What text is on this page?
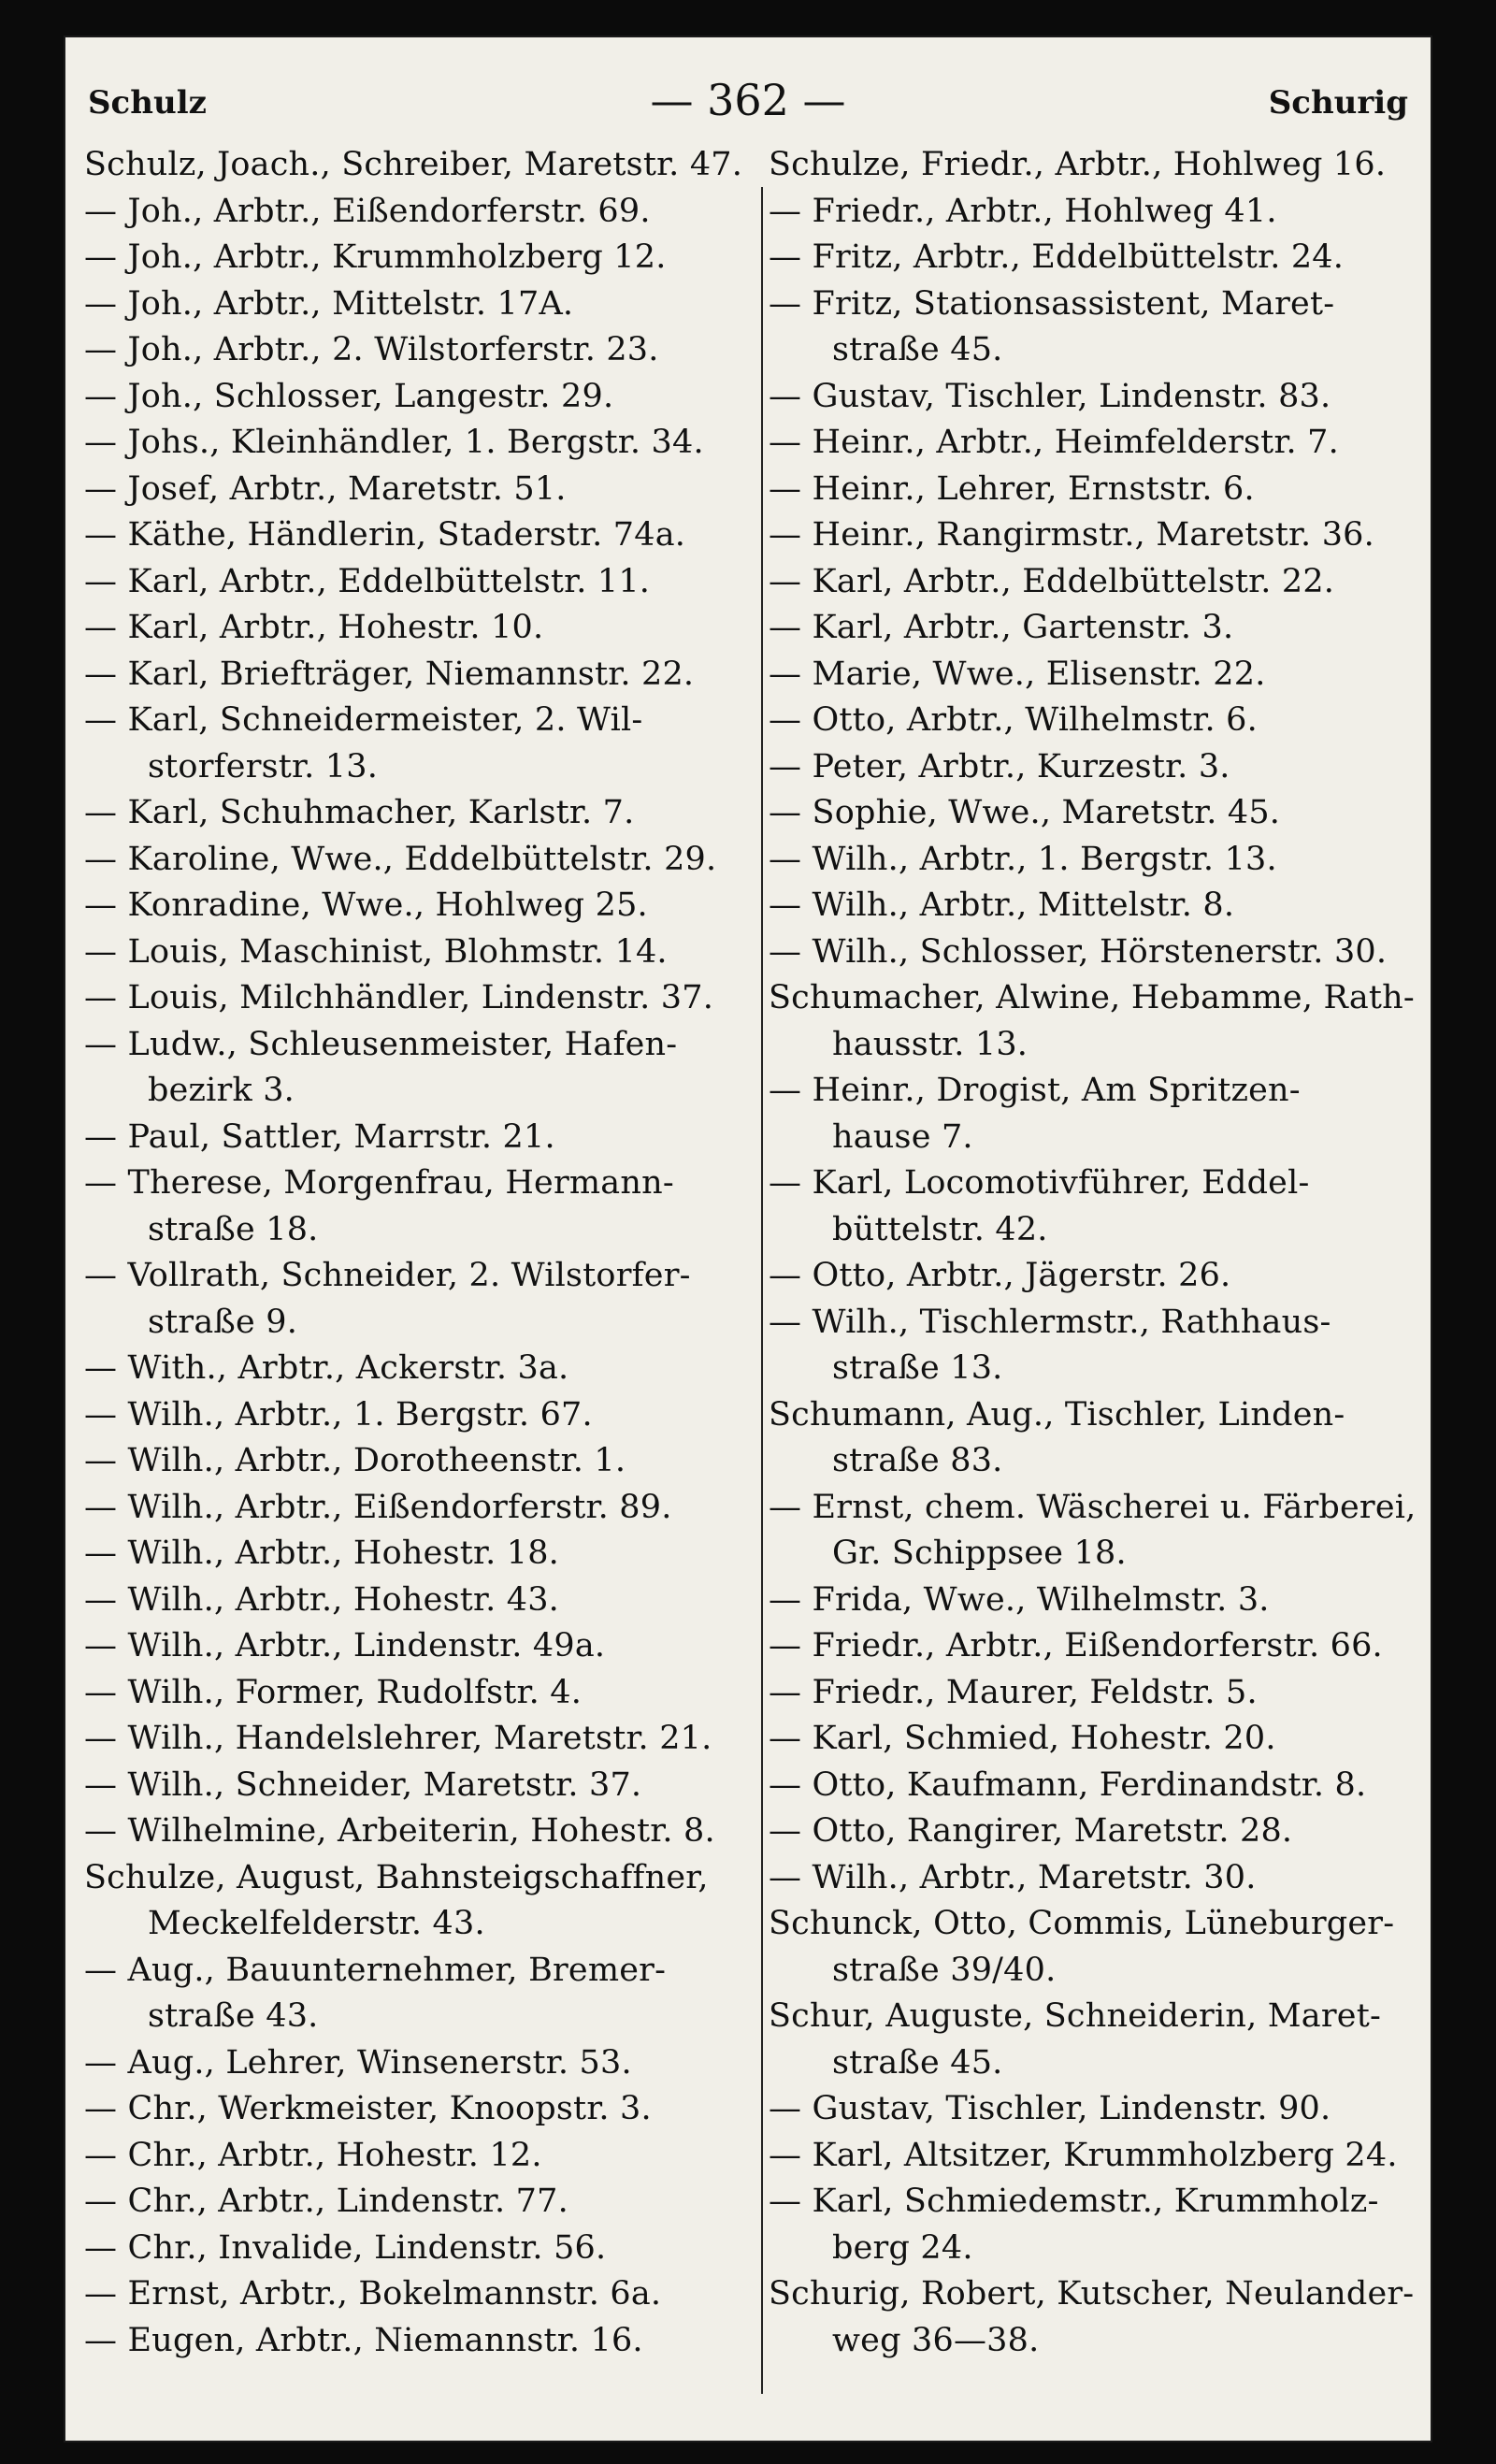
Schulz	— 362 —	Schurig
Schulz, Joach., Schreiber, Maretstr. 47.
— Joh., Arbtr., Eißendorferstr. 69.
— Joh., Arbtr., Krummholzberg 12.
— Joh., Arbtr., Mittelstr. 17A.
— Joh., Arbtr., 2. Wilstorferstr. 23.
— Joh., Schlosser, Langestr. 29.
— Johs., Kleinhändler, 1. Bergstr. 34.
— Josef, Arbtr., Maretstr. 51.
— Käthe, Händlerin, Staderstr. 74a.
— Karl, Arbtr., Eddelbüttelstr. 11.
— Karl, Arbtr., Hohestr. 10.
— Karl, Briefträger, Niemannstr. 22.
— Karl, Schneidermeister, 2. Wil-
storferstr. 13.
— Karl, Schuhmacher, Karlstr. 7.
— Karoline, Wwe., Eddelbüttelstr. 29.
— Konradine, Wwe., Hohlweg 25.
— Louis, Maschinist, Blohmstr. 14.
— Louis, Milchhändler, Lindenstr. 37.
— Ludw., Schleusenmeister, Hafen-
bezirk 3.
— Paul, Sattler, Marrstr. 21.
— Therese, Morgenfrau, Hermann-
straße 18.
— Vollrath, Schneider, 2. Wilstorfer-
straße 9.
— With., Arbtr., Ackerstr. 3a.
— Wilh., Arbtr., 1. Bergstr. 67.
— Wilh., Arbtr., Dorotheenstr. 1.
— Wilh., Arbtr., Eißendorferstr. 89.
— Wilh., Arbtr., Hohestr. 18.
— Wilh., Arbtr., Hohestr. 43.
— Wilh., Arbtr., Lindenstr. 49a.
— Wilh., Former, Rudolfstr. 4.
— Wilh., Handelslehrer, Maretstr. 21.
— Wilh., Schneider, Maretstr. 37.
— Wilhelmine, Arbeiterin, Hohestr. 8.
Schulze, August, Bahnsteigschaffner,
Meckelfelderstr. 43.
— Aug., Bauunternehmer, Bremer-
straße 43.
— Aug., Lehrer, Winsenerstr. 53.
— Chr., Werkmeister, Knoopstr. 3.
— Chr., Arbtr., Hohestr. 12.
— Chr., Arbtr., Lindenstr. 77.
— Chr., Invalide, Lindenstr. 56.
— Ernst, Arbtr., Bokelmannstr. 6a.
— Eugen, Arbtr., Niemannstr. 16.
Schulze, Friedr., Arbtr., Hohlweg 16.
— Friedr., Arbtr., Hohlweg 41.
— Fritz, Arbtr., Eddelbüttelstr. 24.
— Fritz, Stationsassistent, Maret-
straße 45.
— Gustav, Tischler, Lindenstr. 83.
— Heinr., Arbtr., Heimfelderstr. 7.
— Heinr., Lehrer, Ernststr. 6.
— Heinr., Rangirmstr., Maretstr. 36.
— Karl, Arbtr., Eddelbüttelstr. 22.
— Karl, Arbtr., Gartenstr. 3.
— Marie, Wwe., Elisenstr. 22.
— Otto, Arbtr., Wilhelmstr. 6.
— Peter, Arbtr., Kurzestr. 3.
— Sophie, Wwe., Maretstr. 45.
— Wilh., Arbtr., 1. Bergstr. 13.
— Wilh., Arbtr., Mittelstr. 8.
— Wilh., Schlosser, Hörstenerstr. 30.
Schumacher, Alwine, Hebamme, Rath-
hausstr. 13.
— Heinr., Drogist, Am Spritzen-
hause 7.
— Karl, Locomotivführer, Eddel-
büttelstr. 42.
— Otto, Arbtr., Jägerstr. 26.
— Wilh., Tischlermstr., Rathhaus-
straße 13.
Schumann, Aug., Tischler, Linden-
straße 83.
— Ernst, chem. Wäscherei u. Färberei,
Gr. Schippsee 18.
— Frida, Wwe., Wilhelmstr. 3.
— Friedr., Arbtr., Eißendorferstr. 66.
— Friedr., Maurer, Feldstr. 5.
— Karl, Schmied, Hohestr. 20.
— Otto, Kaufmann, Ferdinandstr. 8.
— Otto, Rangirer, Maretstr. 28.
— Wilh., Arbtr., Maretstr. 30.
Schunck, Otto, Commis, Lüneburger-
straße 39/40.
Schur, Auguste, Schneiderin, Maret-
straße 45.
— Gustav, Tischler, Lindenstr. 90.
— Karl, Altsitzer, Krummholzberg 24.
— Karl, Schmiedemstr., Krummholz-
berg 24.
Schurig, Robert, Kutscher, Neulander-
weg 36—38.
